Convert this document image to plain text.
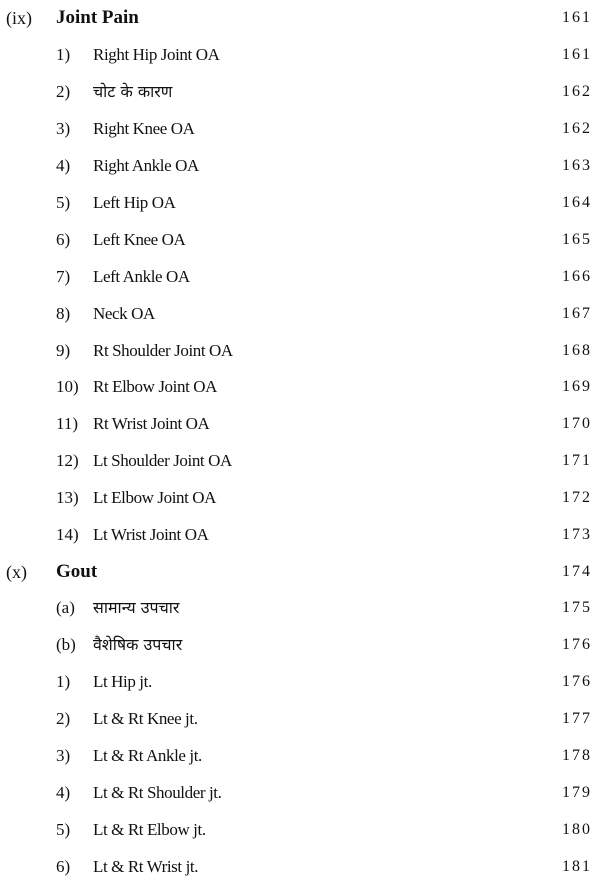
(ix) Joint Pain	161
1) Right Hip Joint OA	161
2) चोट के कारण	162
3) Right Knee OA	162
4) Right Ankle OA	163
5) Left Hip OA	164
6) Left Knee OA	165
7) Left Ankle OA	166
8) Neck OA	167
9) Rt Shoulder Joint OA	168
10) Rt Elbow Joint OA	169
11) Rt Wrist Joint OA	170
12) Lt Shoulder Joint OA	171
13) Lt Elbow Joint OA	172
14) Lt Wrist Joint OA	173
(x) Gout	174
(a) सामान्य उपचार	175
(b) वैशेषिक उपचार	176
1) Lt Hip jt.	176
2) Lt & Rt Knee jt.	177
3) Lt & Rt Ankle jt.	178
4) Lt & Rt Shoulder jt.	179
5) Lt & Rt Elbow jt.	180
6) Lt & Rt Wrist jt.	181
